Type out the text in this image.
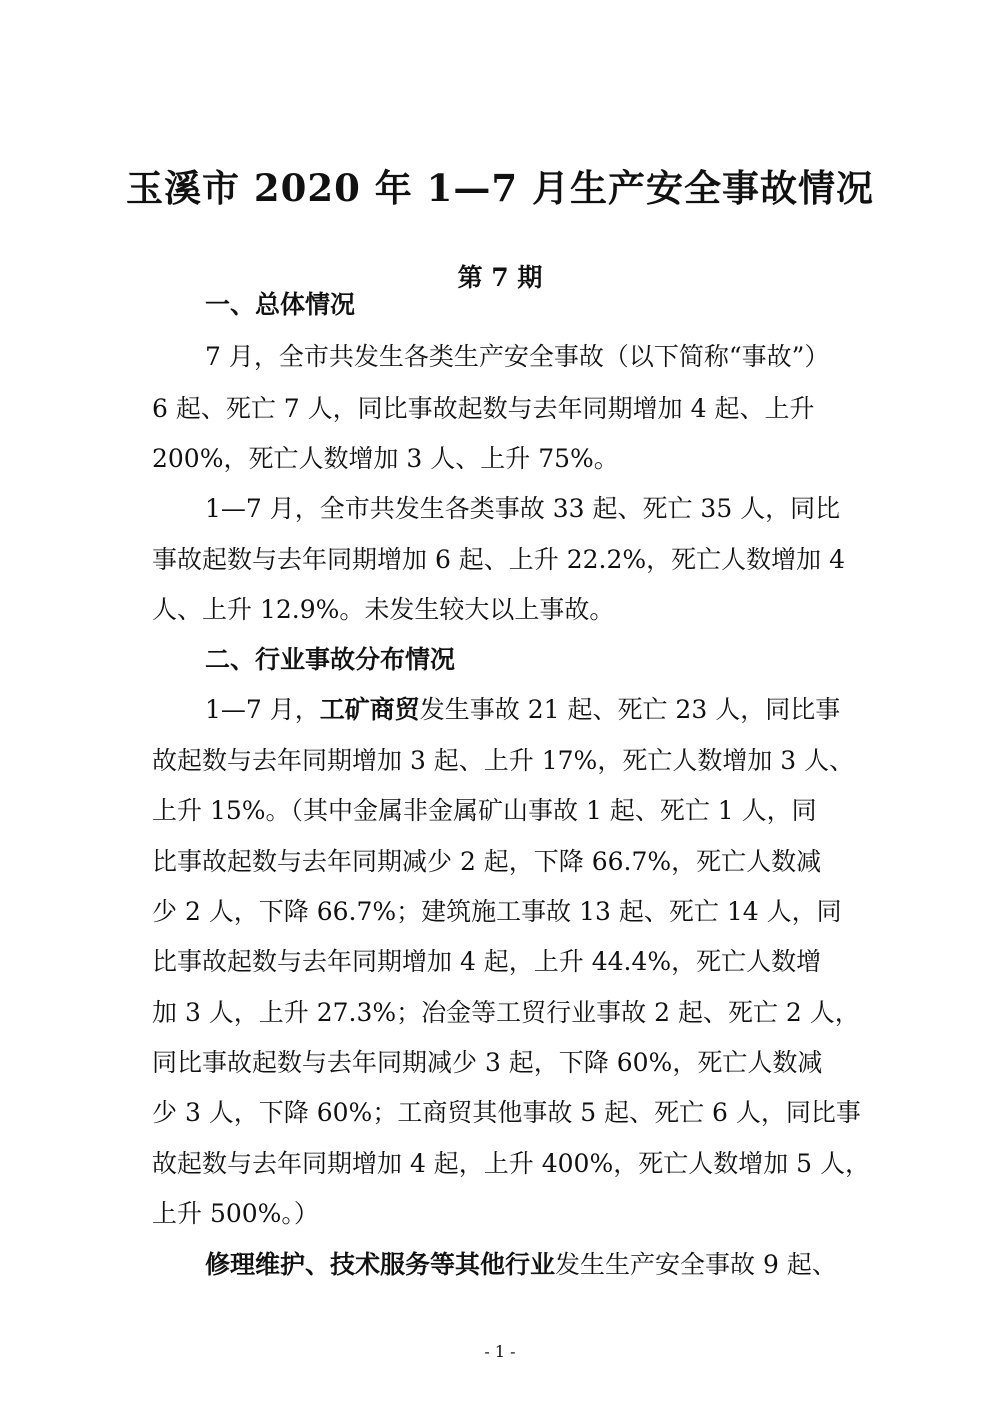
玉溪市 2020 年 1—7 月生产安全事故情况
第 7 期
一、总体情况
7 月，全市共发生各类生产安全事故（以下简称“事故”）
6 起、死亡 7 人，同比事故起数与去年同期增加 4 起、上升
200%，死亡人数增加 3 人、上升 75%。
1—7 月，全市共发生各类事故 33 起、死亡 35 人，同比
事故起数与去年同期增加 6 起、上升 22.2%，死亡人数增加 4
人、上升 12.9%。未发生较大以上事故。
二、行业事故分布情况
1—7 月，工矿商贸发生事故 21 起、死亡 23 人，同比事
故起数与去年同期增加 3 起、上升 17%，死亡人数增加 3 人、
上升 15%。（其中金属非金属矿山事故 1 起、死亡 1 人，同
比事故起数与去年同期减少 2 起，下降 66.7%，死亡人数减
少 2 人，下降 66.7%；建筑施工事故 13 起、死亡 14 人，同
比事故起数与去年同期增加 4 起，上升 44.4%，死亡人数增
加 3 人，上升 27.3%；冶金等工贸行业事故 2 起、死亡 2 人，
同比事故起数与去年同期减少 3 起，下降 60%，死亡人数减
少 3 人，下降 60%；工商贸其他事故 5 起、死亡 6 人，同比事
故起数与去年同期增加 4 起，上升 400%，死亡人数增加 5 人，
上升 500%。）
修理维护、技术服务等其他行业发生生产安全事故 9 起、
- 1 -
